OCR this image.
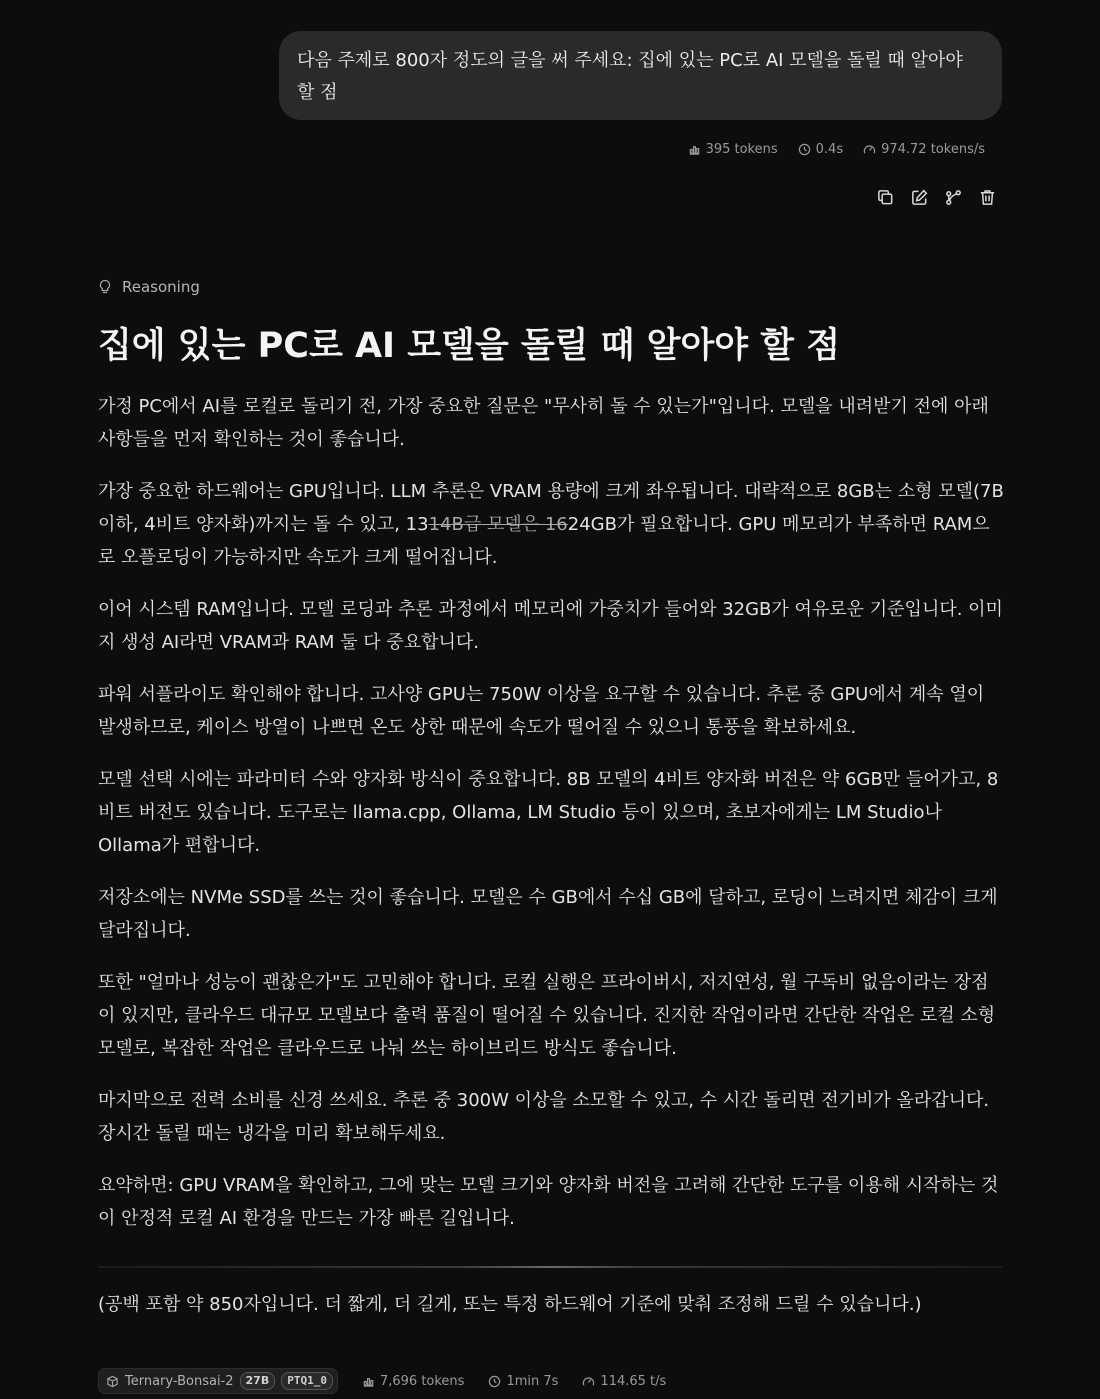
다음 주제로 800자 정도의 글을 써 주세요: 집에 있는 PC로 AI 모델을 돌릴 때 알아야 할 점
395 tokens	0.4s	974.72 tokens/s
Reasoning
집에 있는 PC로 AI 모델을 돌릴 때 알아야 할 점

가정 PC에서 AI를 로컬로 돌리기 전, 가장 중요한 질문은 "무사히 돌 수 있는가"입니다. 모델을 내려받기 전에 아래 사항들을 먼저 확인하는 것이 좋습니다.

가장 중요한 하드웨어는 GPU입니다. LLM 추론은 VRAM 용량에 크게 좌우됩니다. 대략적으로 8GB는 소형 모델(7B 이하, 4비트 양자화)까지는 돌 수 있고, 1314B급 모델은 1624GB가 필요합니다. GPU 메모리가 부족하면 RAM으로 오플로딩이 가능하지만 속도가 크게 떨어집니다.

이어 시스템 RAM입니다. 모델 로딩과 추론 과정에서 메모리에 가중치가 들어와 32GB가 여유로운 기준입니다. 이미지 생성 AI라면 VRAM과 RAM 둘 다 중요합니다.

파워 서플라이도 확인해야 합니다. 고사양 GPU는 750W 이상을 요구할 수 있습니다. 추론 중 GPU에서 계속 열이 발생하므로, 케이스 방열이 나쁘면 온도 상한 때문에 속도가 떨어질 수 있으니 통풍을 확보하세요.

모델 선택 시에는 파라미터 수와 양자화 방식이 중요합니다. 8B 모델의 4비트 양자화 버전은 약 6GB만 들어가고, 8비트 버전도 있습니다. 도구로는 llama.cpp, Ollama, LM Studio 등이 있으며, 초보자에게는 LM Studio나 Ollama가 편합니다.

저장소에는 NVMe SSD를 쓰는 것이 좋습니다. 모델은 수 GB에서 수십 GB에 달하고, 로딩이 느려지면 체감이 크게 달라집니다.

또한 "얼마나 성능이 괜찮은가"도 고민해야 합니다. 로컬 실행은 프라이버시, 저지연성, 월 구독비 없음이라는 장점이 있지만, 클라우드 대규모 모델보다 출력 품질이 떨어질 수 있습니다. 진지한 작업이라면 간단한 작업은 로컬 소형 모델로, 복잡한 작업은 클라우드로 나눠 쓰는 하이브리드 방식도 좋습니다.

마지막으로 전력 소비를 신경 쓰세요. 추론 중 300W 이상을 소모할 수 있고, 수 시간 돌리면 전기비가 올라갑니다. 장시간 돌릴 때는 냉각을 미리 확보해두세요.

요약하면: GPU VRAM을 확인하고, 그에 맞는 모델 크기와 양자화 버전을 고려해 간단한 도구를 이용해 시작하는 것이 안정적 로컬 AI 환경을 만드는 가장 빠른 길입니다.

(공백 포함 약 850자입니다. 더 짧게, 더 길게, 또는 특정 하드웨어 기준에 맞춰 조정해 드릴 수 있습니다.)
Ternary-Bonsai-2	27B	PTQ1_0	7,696 tokens	1min 7s	114.65 t/s
